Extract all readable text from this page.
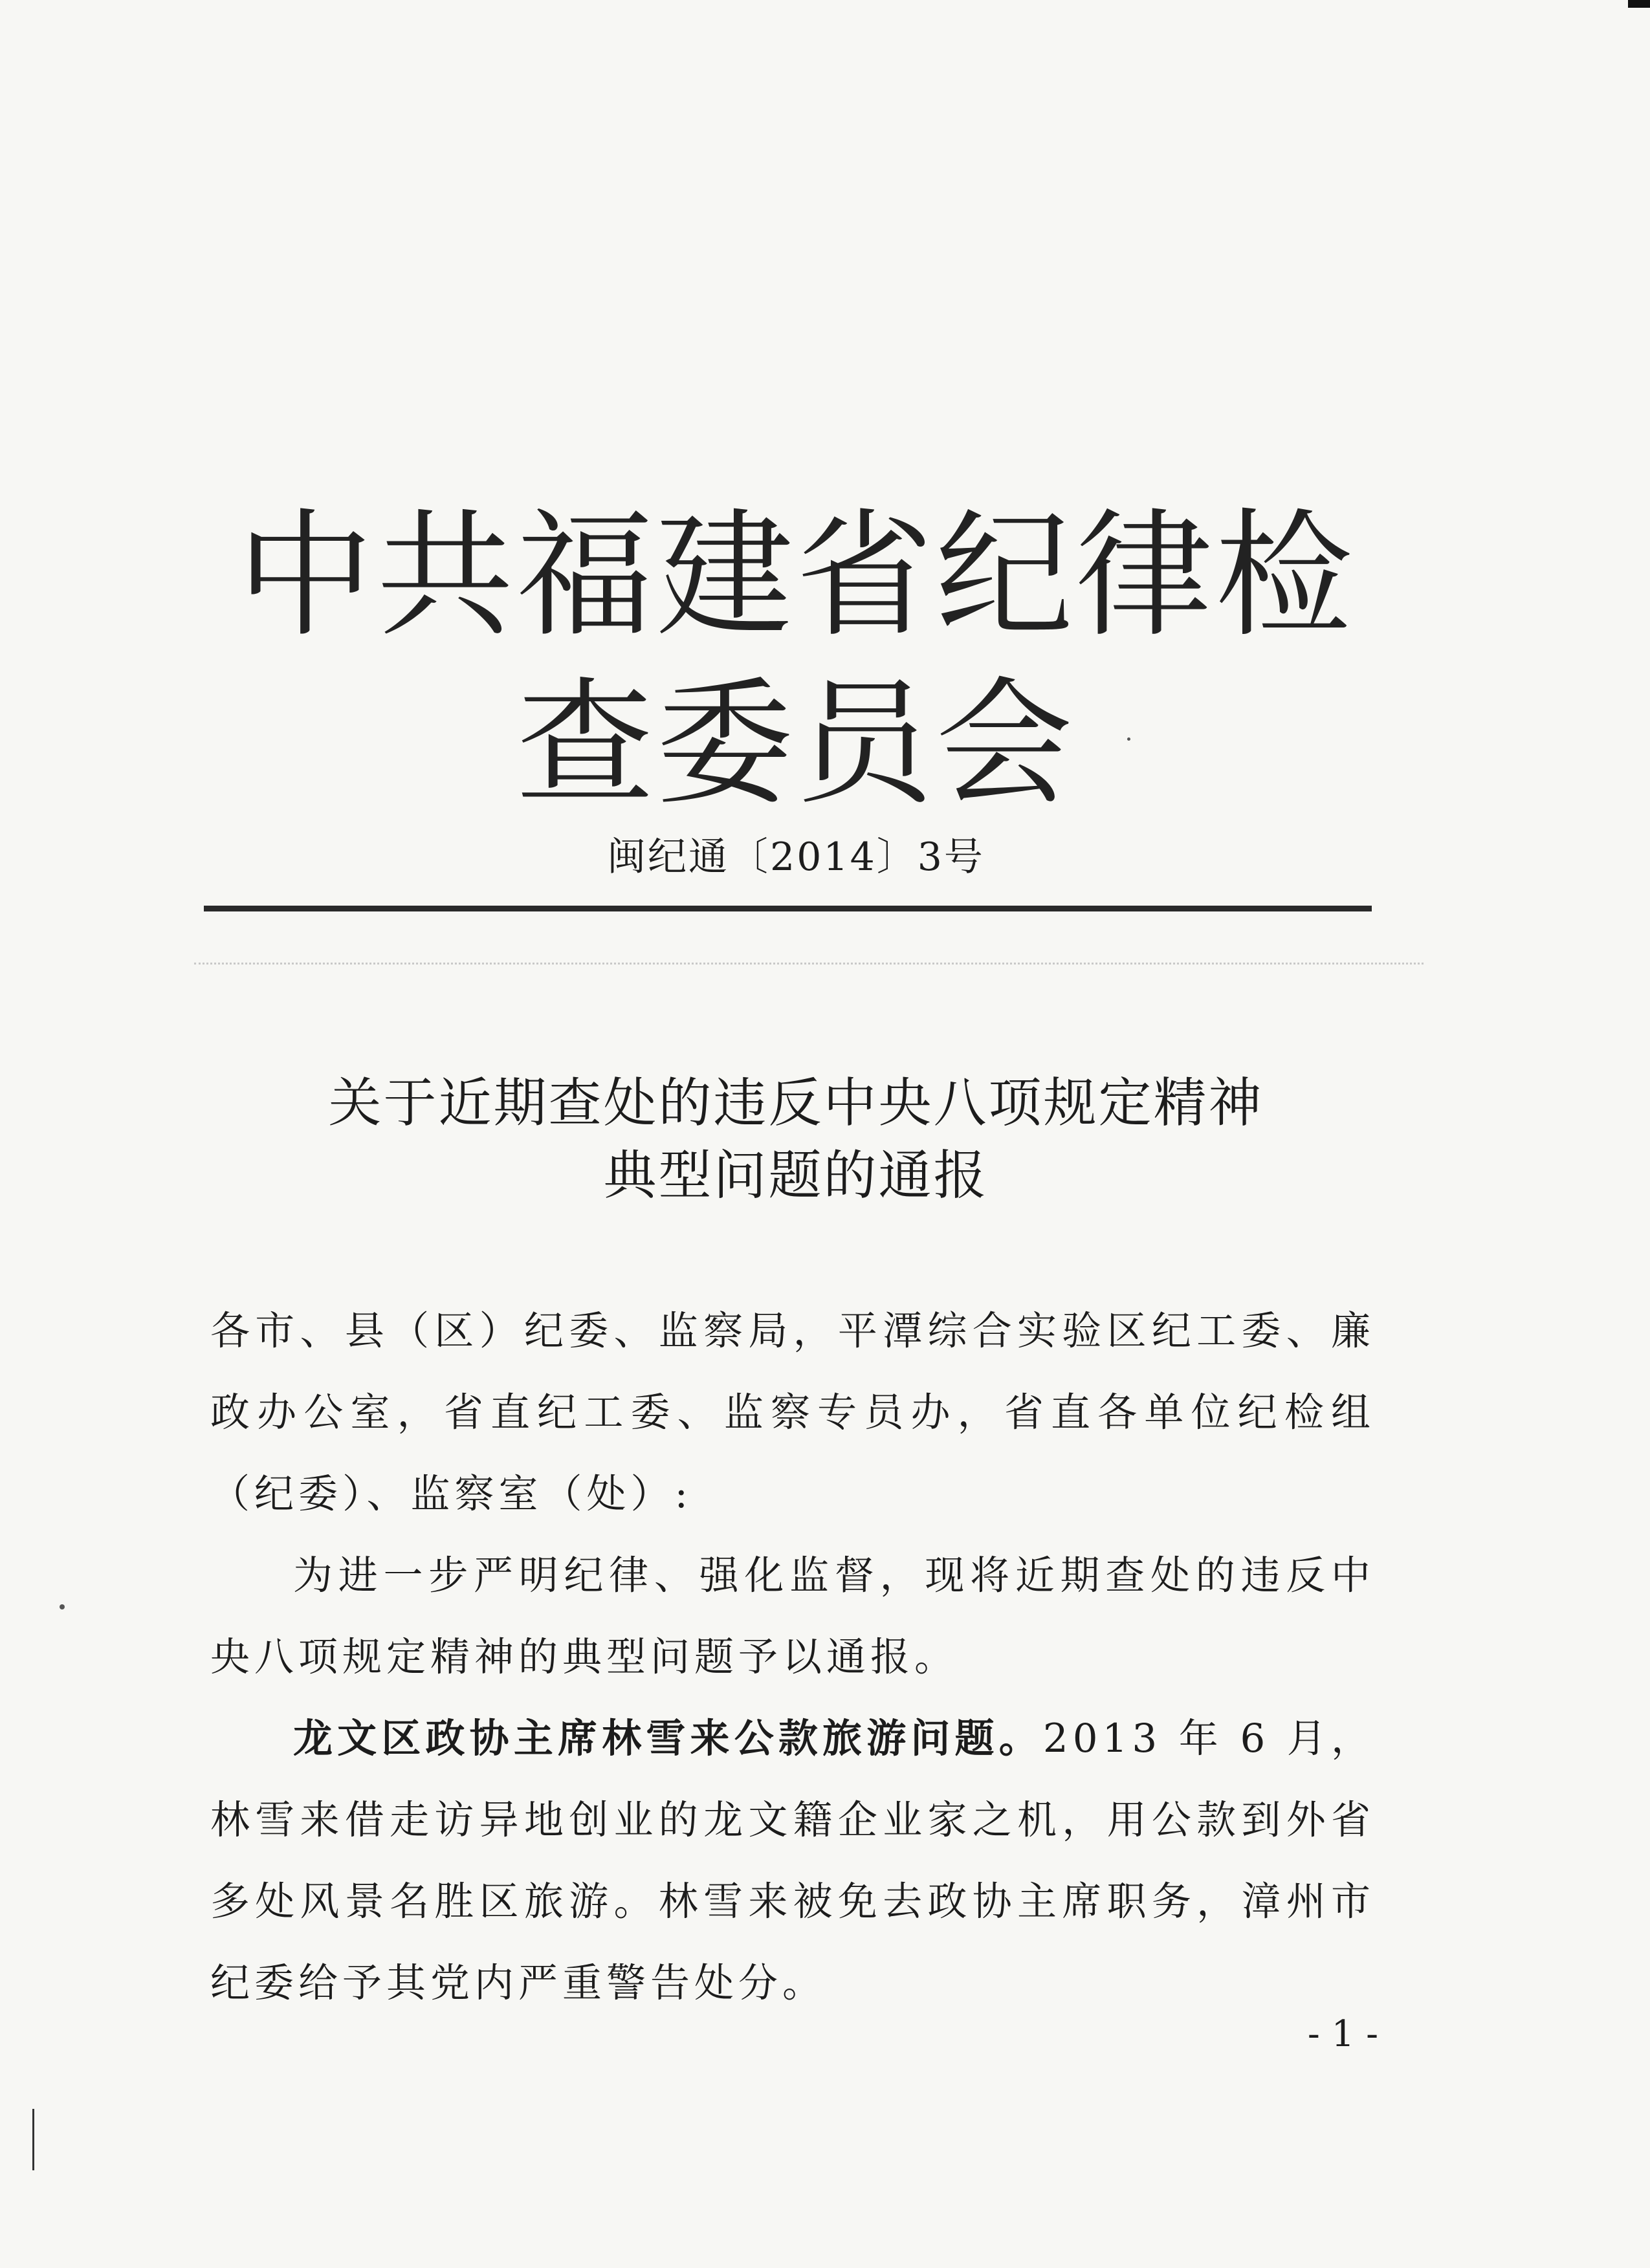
中共福建省纪律检查委员会
闽纪通〔2014〕3号
关于近期查处的违反中央八项规定精神
典型问题的通报

各市、县（区）纪委、监察局，平潭综合实验区纪工委、廉政办公室，省直纪工委、监察专员办，省直各单位纪检组（纪委）、监察室（处）:

为进一步严明纪律、强化监督，现将近期查处的违反中央八项规定精神的典型问题予以通报。

龙文区政协主席林雪来公款旅游问题。2013 年 6 月，林雪来借走访异地创业的龙文籍企业家之机，用公款到外省多处风景名胜区旅游。林雪来被免去政协主席职务，漳州市纪委给予其党内严重警告处分。

- 1 -
